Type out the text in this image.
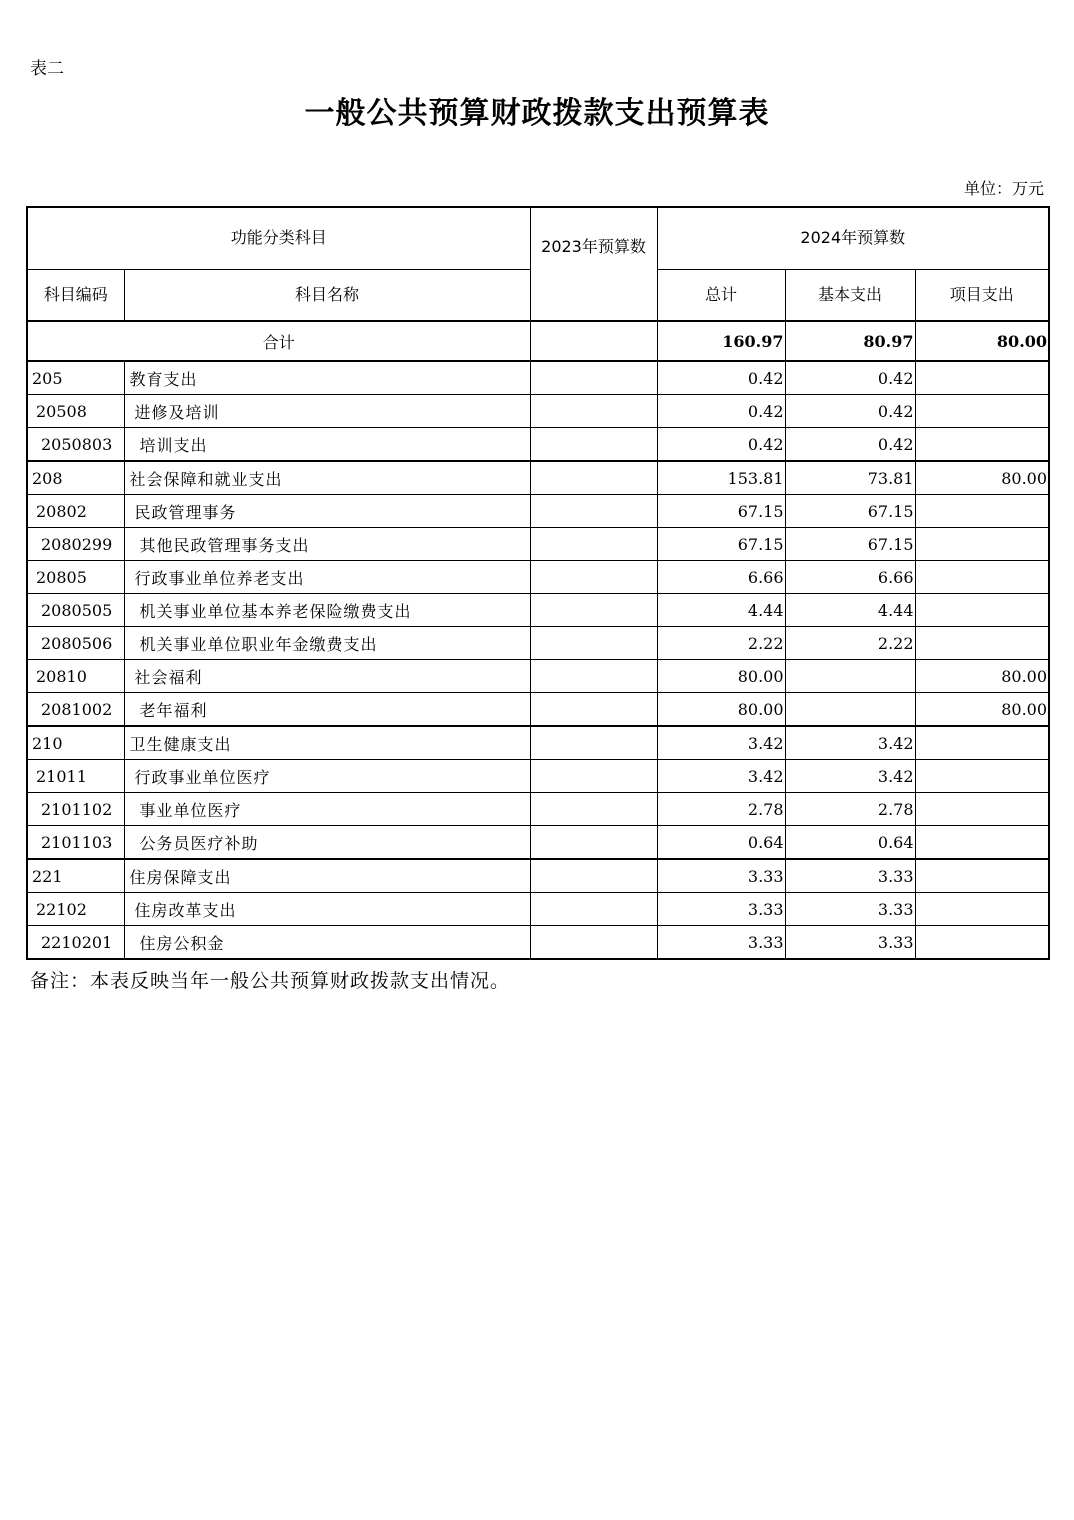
表二
一般公共预算财政拨款支出预算表
单位：万元
功能分类科目		2023年预算数	2024年预算数		
科目编码	科目名称		总计	基本支出	项目支出
合计			160.97	80.97	80.00
205	教育支出		0.42	0.42	
20508	进修及培训		0.42	0.42	
2050803	培训支出		0.42	0.42	
208	社会保障和就业支出		153.81	73.81	80.00
20802	民政管理事务		67.15	67.15	
2080299	其他民政管理事务支出		67.15	67.15	
20805	行政事业单位养老支出		6.66	6.66	
2080505	机关事业单位基本养老保险缴费支出		4.44	4.44	
2080506	机关事业单位职业年金缴费支出		2.22	2.22	
20810	社会福利		80.00		80.00
2081002	老年福利		80.00		80.00
210	卫生健康支出		3.42	3.42	
21011	行政事业单位医疗		3.42	3.42	
2101102	事业单位医疗		2.78	2.78	
2101103	公务员医疗补助		0.64	0.64	
221	住房保障支出		3.33	3.33	
22102	住房改革支出		3.33	3.33	
2210201	住房公积金		3.33	3.33	
备注：本表反映当年一般公共预算财政拨款支出情况。
